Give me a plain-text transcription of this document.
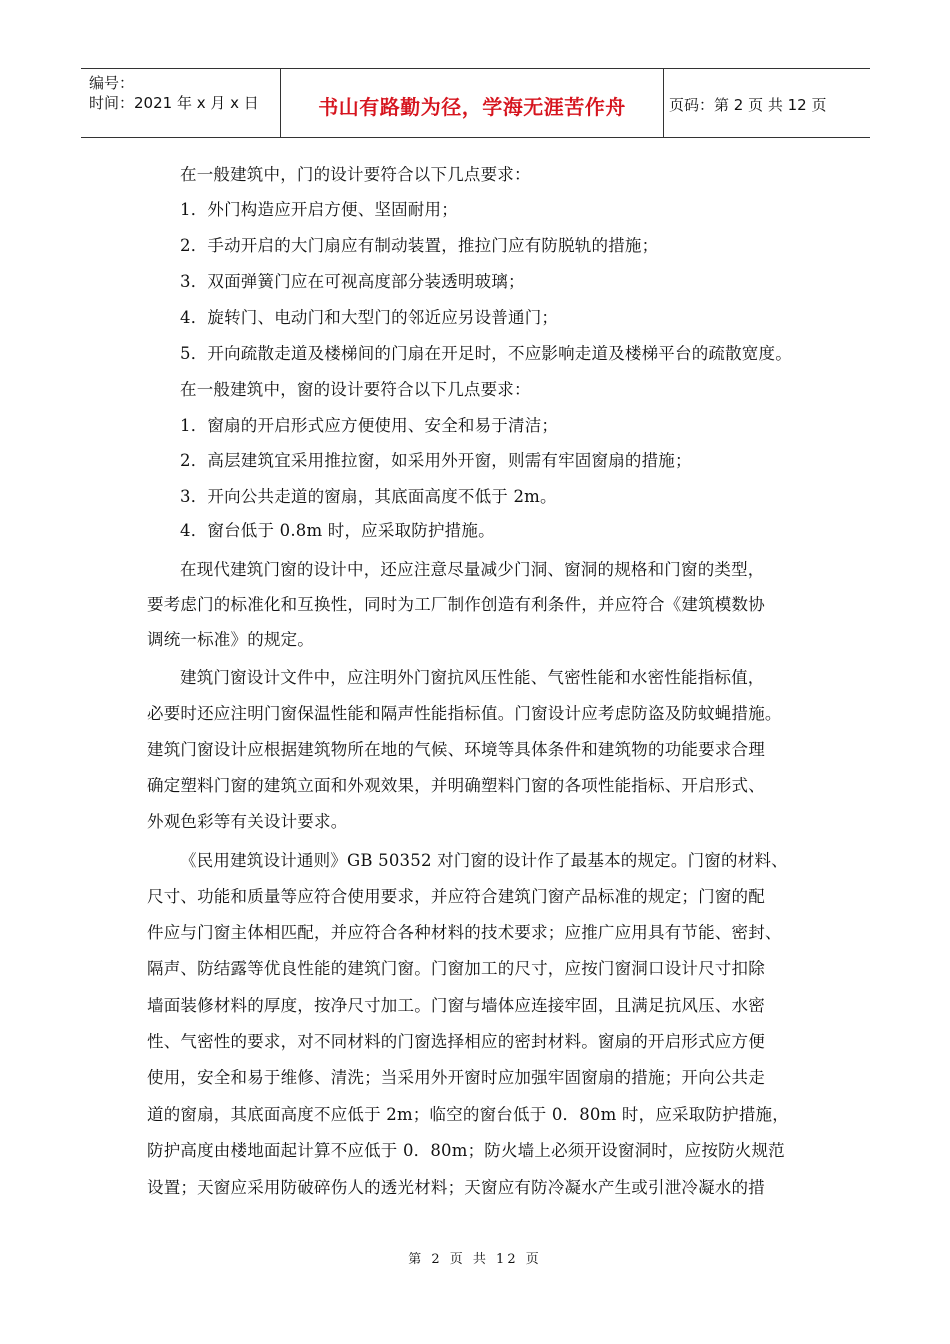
编号：
时间：2021 年 x 月 x 日	书山有路勤为径，学海无涯苦作舟	页码：第 2 页 共 12 页
在一般建筑中，门的设计要符合以下几点要求：
1．外门构造应开启方便、坚固耐用；
2．手动开启的大门扇应有制动装置，推拉门应有防脱轨的措施；
3．双面弹簧门应在可视高度部分装透明玻璃；
4．旋转门、电动门和大型门的邻近应另设普通门；
5．开向疏散走道及楼梯间的门扇在开足时，不应影响走道及楼梯平台的疏散宽度。
在一般建筑中，窗的设计要符合以下几点要求：
1．窗扇的开启形式应方便使用、安全和易于清洁；
2．高层建筑宜采用推拉窗，如采用外开窗，则需有牢固窗扇的措施；
3．开向公共走道的窗扇，其底面高度不低于 2m。
4．窗台低于 0.8m 时，应采取防护措施。
在现代建筑门窗的设计中，还应注意尽量减少门洞、窗洞的规格和门窗的类型，
要考虑门的标准化和互换性，同时为工厂制作创造有利条件，并应符合《建筑模数协
调统一标准》的规定。
建筑门窗设计文件中，应注明外门窗抗风压性能、气密性能和水密性能指标值，
必要时还应注明门窗保温性能和隔声性能指标值。门窗设计应考虑防盗及防蚊蝇措施。
建筑门窗设计应根据建筑物所在地的气候、环境等具体条件和建筑物的功能要求合理
确定塑料门窗的建筑立面和外观效果，并明确塑料门窗的各项性能指标、开启形式、
外观色彩等有关设计要求。
《民用建筑设计通则》GB 50352 对门窗的设计作了最基本的规定。门窗的材料、
尺寸、功能和质量等应符合使用要求，并应符合建筑门窗产品标准的规定；门窗的配
件应与门窗主体相匹配，并应符合各种材料的技术要求；应推广应用具有节能、密封、
隔声、防结露等优良性能的建筑门窗。门窗加工的尺寸，应按门窗洞口设计尺寸扣除
墙面装修材料的厚度，按净尺寸加工。门窗与墙体应连接牢固，且满足抗风压、水密
性、气密性的要求，对不同材料的门窗选择相应的密封材料。窗扇的开启形式应方便
使用，安全和易于维修、清洗；当采用外开窗时应加强牢固窗扇的措施；开向公共走
道的窗扇，其底面高度不应低于 2m；临空的窗台低于 0．80m 时，应采取防护措施，
防护高度由楼地面起计算不应低于 0．80m；防火墙上必须开设窗洞时，应按防火规范
设置；天窗应采用防破碎伤人的透光材料；天窗应有防冷凝水产生或引泄冷凝水的措
第 2 页 共 12 页
